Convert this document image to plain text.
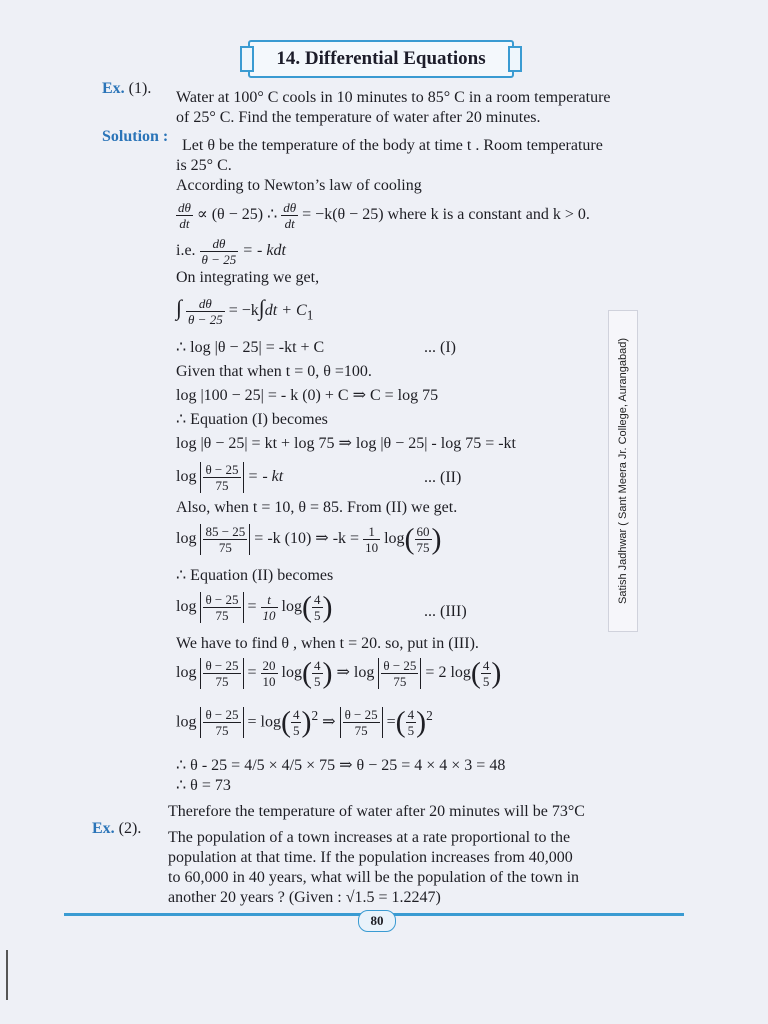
14. Differential Equations
Ex. (1).
Water at 100° C cools in 10 minutes to 85° C in a room temperature
of 25° C. Find the temperature of water after 20 minutes.
Solution :
Let θ be the temperature of the body at time t . Room temperature
is 25° C.
According to Newton’s law of cooling
$\frac{d\theta}{dt} \propto (\theta - 25)$ ∴ $\frac{d\theta}{dt} = -k(\theta - 25)$ where k is a constant and k > 0.
i.e. $\frac{d\theta}{\theta - 25}$ = - kdt
On integrating we get,
∫ $\frac{d\theta}{\theta - 25} = -k\int dt + C_1$
∴ log |θ − 25| = -kt + C	... (I)
Given that when t = 0, θ =100.
log |100 − 25| = - k (0) + C ⇒ C = log 75
∴ Equation (I) becomes
log |θ − 25| = kt + log 75 ⇒ log |θ − 25| - log 75 = -kt
$\log \frac{\theta - 25}{75}$ = - kt	... (II)
Also, when t = 10, θ = 85. From (II) we get.
$\log \frac{85 - 25}{75} = -k$ (10) ⇒ $-k = \frac{1}{10} \log( \frac{60}{75}$ )
∴ Equation (II) becomes
$\log \frac{\theta - 25}{75} = \frac{t}{10} \log( \frac{4}{5}$ )	... (III)
We have to find θ , when t = 20. so, put in (III).
$\log \frac{\theta - 25}{75} = \frac{20}{10} \log( \frac{4}{5}$ ) ⇒ $\log \frac{\theta - 25}{75} = 2$ $\log( \frac{4}{5}$ )
$\log \frac{\theta - 25}{75} = \log( \frac{4}{5} )^2$ ⇒ $\frac{\theta - 25}{75}$ =( $\frac{4}{5} )^2$
∴ θ - 25 = 4/5 × 4/5 × 75 ⇒ θ − 25 = 4 × 4 × 3 = 48
∴ θ = 73
Therefore the temperature of water after 20 minutes will be 73°C
Ex. (2).
The population of a town increases at a rate proportional to the
population at that time. If the population increases from 40,000
to 60,000 in 40 years, what will be the population of the town in
another 20 years ? (Given : √1.5 = 1.2247)
Satish Jadhwar ( Sant Meera Jr. College, Aurangabad)
80
